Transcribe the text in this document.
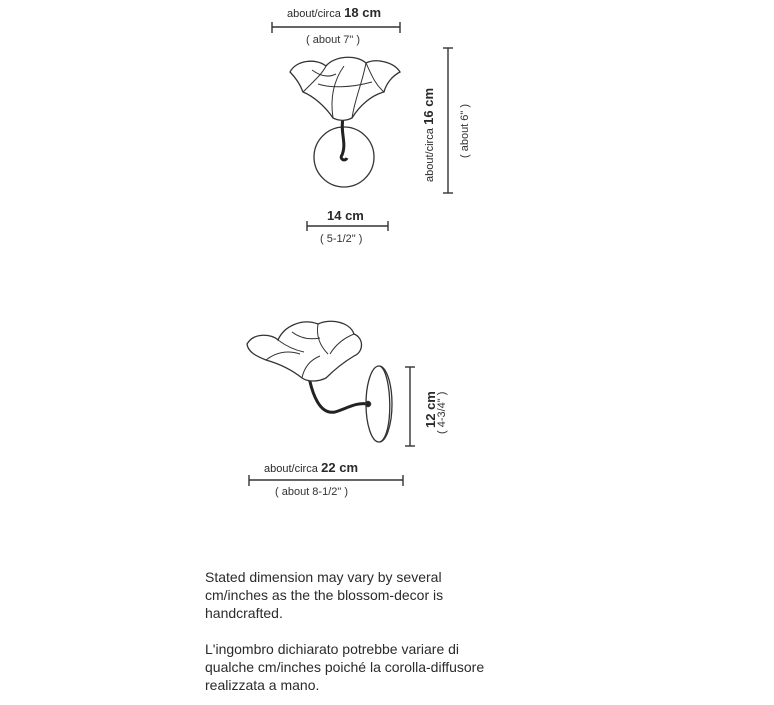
about/circa 18 cm
( about 7" )
about/circa 16 cm	( about 6" )
14 cm
( 5-1/2" )
about/circa 22 cm
( about 8-1/2" )
12 cm
( 4-3/4" )

Stated dimension may vary by several cm/inches as the the blossom-decor is handcrafted.

L'ingombro dichiarato potrebbe variare di qualche cm/inches poiché la corolla-diffusore realizzata a mano.
